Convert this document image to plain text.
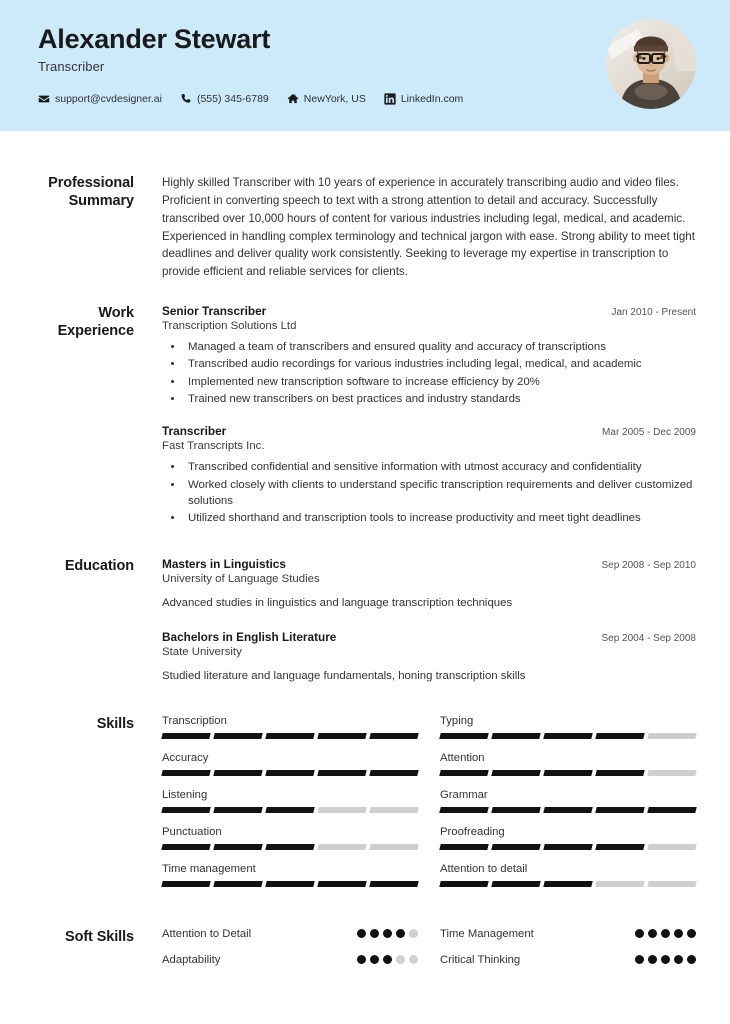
Alexander Stewart
Transcriber
support@cvdesigner.ai	(555) 345-6789	NewYork, US	LinkedIn.com
Professional Summary

Highly skilled Transcriber with 10 years of experience in accurately transcribing audio and video files. Proficient in converting speech to text with a strong attention to detail and accuracy. Successfully transcribed over 10,000 hours of content for various industries including legal, medical, and academic. Experienced in handling complex terminology and technical jargon with ease. Strong ability to meet tight deadlines and deliver quality work consistently. Seeking to leverage my expertise in transcription to provide efficient and reliable services for clients.

Work Experience
Senior Transcriber	Jan 2010 - Present
Transcription Solutions Ltd
• Managed a team of transcribers and ensured quality and accuracy of transcriptions
• Transcribed audio recordings for various industries including legal, medical, and academic
• Implemented new transcription software to increase efficiency by 20%
• Trained new transcribers on best practices and industry standards
Transcriber	Mar 2005 - Dec 2009
Fast Transcripts Inc.
• Transcribed confidential and sensitive information with utmost accuracy and confidentiality
• Worked closely with clients to understand specific transcription requirements and deliver customized solutions
• Utilized shorthand and transcription tools to increase productivity and meet tight deadlines
Education	Masters in Linguistics	Sep 2008 - Sep 2010
University of Language Studies
Advanced studies in linguistics and language transcription techniques
Bachelors in English Literature	Sep 2004 - Sep 2008
State University
Studied literature and language fundamentals, honing transcription skills
Skills	Transcription	Typing
Accuracy	Attention
Listening	Grammar
Punctuation	Proofreading
Time management	Attention to detail
Soft Skills	Attention to Detail	Time Management
Adaptability	Critical Thinking
